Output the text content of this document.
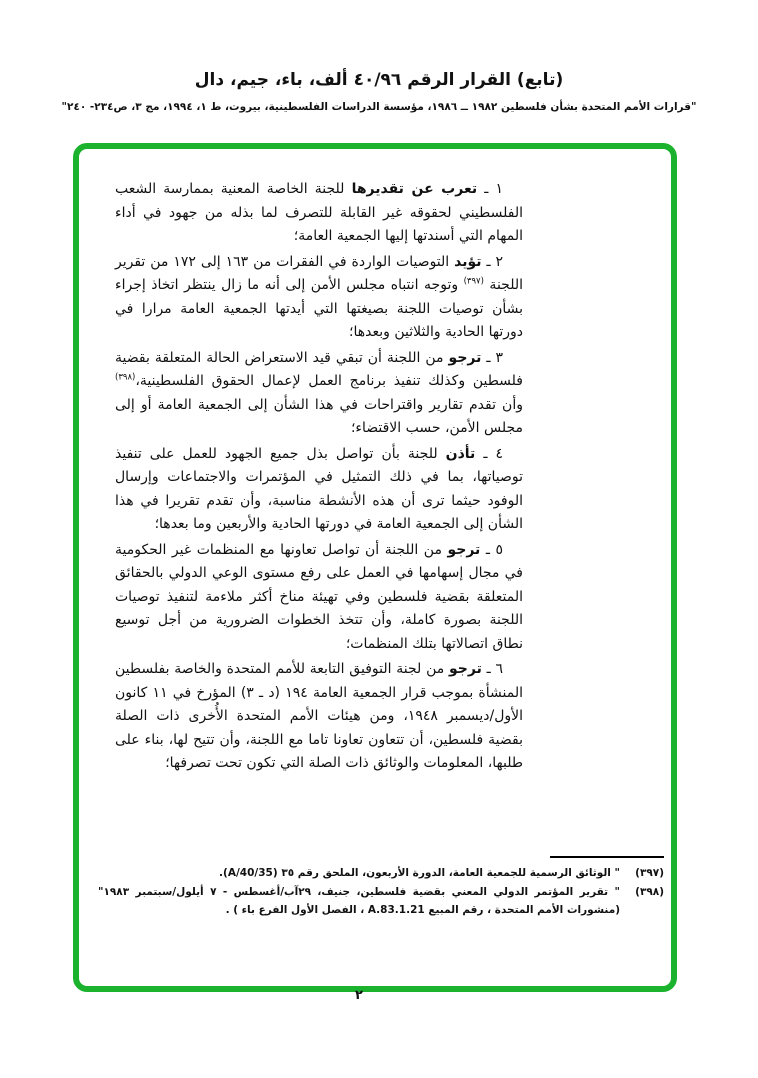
(تابع) القرار الرقم ٤٠/٩٦ ألف، باء، جيم، دال
"قرارات الأمم المتحدة بشأن فلسطين ١٩٨٢ ــ ١٩٨٦، مؤسسة الدراسات الفلسطينية، بيروت، ط ١، ١٩٩٤، مج ٣، ص٢٣٤- ٢٤٠"

١ ـ تعرب عن تقديرها للجنة الخاصة المعنية بممارسة الشعب الفلسطيني لحقوقه غير القابلة للتصرف لما بذله من جهود في أداء المهام التي أسندتها إليها الجمعية العامة؛

٢ ـ تؤيد التوصيات الواردة في الفقرات من ١٦٣ إلى ١٧٢ من تقرير اللجنة $^{(٣٩٧)}$ وتوجه انتباه مجلس الأمن إلى أنه ما زال ينتظر اتخاذ إجراء بشأن توصيات اللجنة بصيغتها التي أيدتها الجمعية العامة مرارا في دورتها الحادية والثلاثين وبعدها؛

٣ ـ ترجو من اللجنة أن تبقي قيد الاستعراض الحالة المتعلقة بقضية فلسطين وكذلك تنفيذ برنامج العمل لإعمال الحقوق الفلسطينية،$^{(٣٩٨)}$ وأن تقدم تقارير واقتراحات في هذا الشأن إلى الجمعية العامة أو إلى مجلس الأمن، حسب الاقتضاء؛

٤ ـ تأذن للجنة بأن تواصل بذل جميع الجهود للعمل على تنفيذ توصياتها، بما في ذلك التمثيل في المؤتمرات والاجتماعات وإرسال الوفود حيثما ترى أن هذه الأنشطة مناسبة، وأن تقدم تقريرا في هذا الشأن إلى الجمعية العامة في دورتها الحادية والأربعين وما بعدها؛

٥ ـ ترجو من اللجنة أن تواصل تعاونها مع المنظمات غير الحكومية في مجال إسهامها في العمل على رفع مستوى الوعي الدولي بالحقائق المتعلقة بقضية فلسطين وفي تهيئة مناخ أكثر ملاءمة لتنفيذ توصيات اللجنة بصورة كاملة، وأن تتخذ الخطوات الضرورية من أجل توسيع نطاق اتصالاتها بتلك المنظمات؛

٦ ـ ترجو من لجنة التوفيق التابعة للأمم المتحدة والخاصة بفلسطين المنشأة بموجب قرار الجمعية العامة ١٩٤ (د ـ ٣) المؤرخ في ١١ كانون الأول/ديسمبر ١٩٤٨، ومن هيئات الأمم المتحدة الأُخرى ذات الصلة بقضية فلسطين، أن تتعاون تعاونا تاما مع اللجنة، وأن تتيح لها، بناء على طلبها، المعلومات والوثائق ذات الصلة التي تكون تحت تصرفها؛

(٣٩٧)
" الوثائق الرسمية للجمعية العامة، الدورة الأربعون، الملحق رقم ٣٥ (A/40/35).
(٣٩٨)
" تقرير المؤتمر الدولي المعني بقضية فلسطين، جنيف، ٢٩آب/أغسطس - ٧ أيلول/سبتمبر ١٩٨٣" (منشورات الأمم المتحدة ، رقم المبيع A.83.1.21 ، الفصل الأول الفرع باء ) .
٢
